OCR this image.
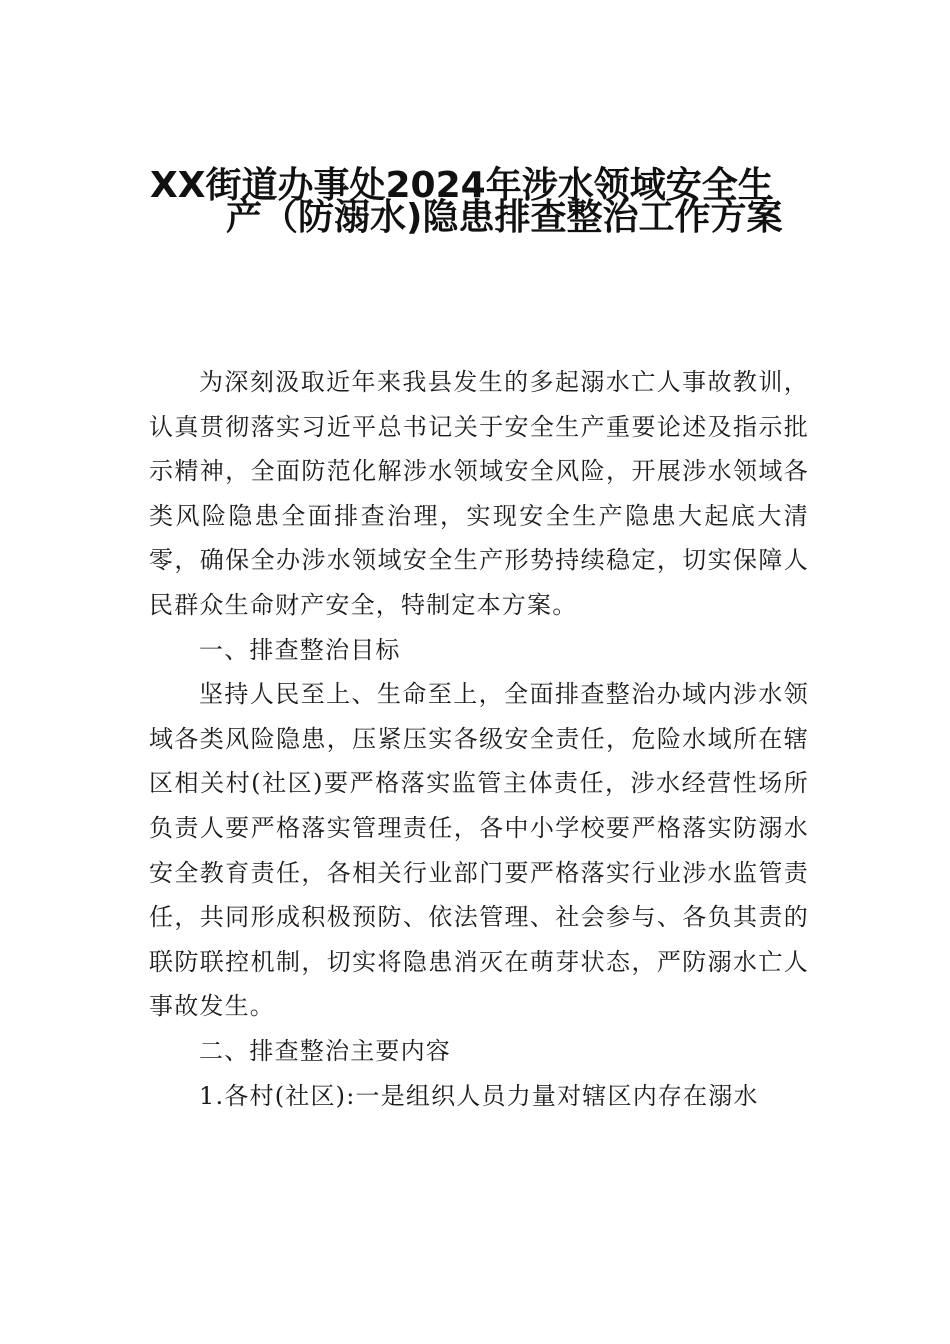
XX街道办事处2024年涉水领域安全生
产（防溺水)隐患排查整治工作方案

为深刻汲取近年来我县发生的多起溺水亡人事故教训，认真贯彻落实习近平总书记关于安全生产重要论述及指示批示精神，全面防范化解涉水领域安全风险，开展涉水领域各类风险隐患全面排查治理，实现安全生产隐患大起底大清零，确保全办涉水领域安全生产形势持续稳定，切实保障人民群众生命财产安全，特制定本方案。

一、排查整治目标

坚持人民至上、生命至上，全面排查整治办域内涉水领域各类风险隐患，压紧压实各级安全责任，危险水域所在辖区相关村(社区)要严格落实监管主体责任，涉水经营性场所负责人要严格落实管理责任，各中小学校要严格落实防溺水安全教育责任，各相关行业部门要严格落实行业涉水监管责任，共同形成积极预防、依法管理、社会参与、各负其责的联防联控机制，切实将隐患消灭在萌芽状态，严防溺水亡人事故发生。

二、排查整治主要内容

1.各村(社区):一是组织人员力量对辖区内存在溺水
